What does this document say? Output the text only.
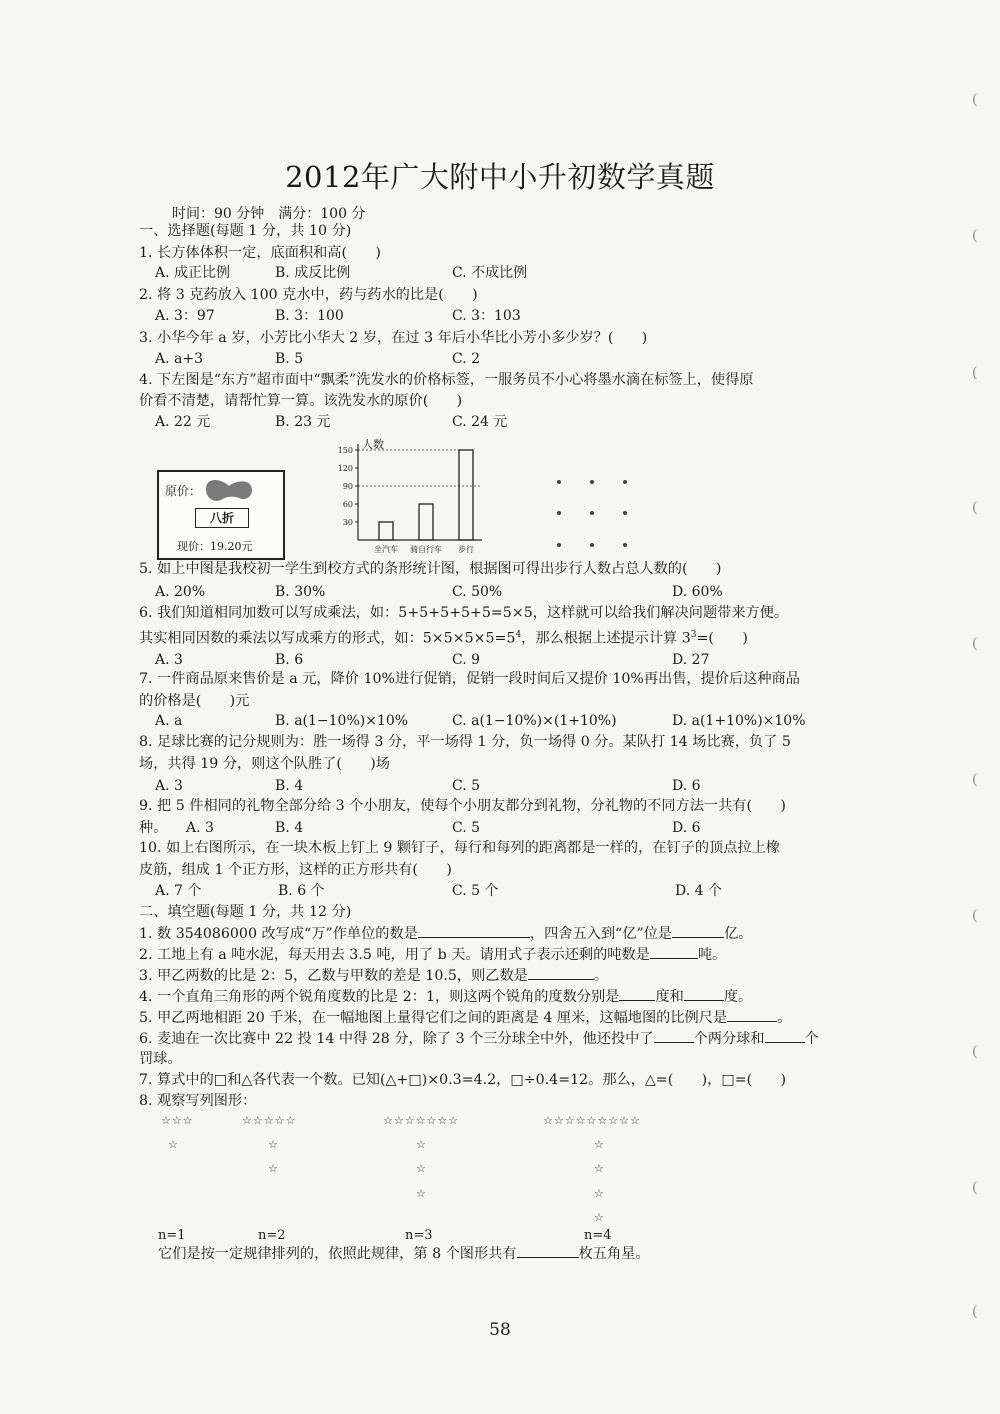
(
(
(
(
(
(
(
(
(
(
2012年广大附中小升初数学真题
时间：90 分钟　满分：100 分
一、选择题(每题 1 分，共 10 分)
1. 长方体体积一定，底面积和高(　　)
A. 成正比例	B. 成反比例	C. 不成比例
2. 将 3 克药放入 100 克水中，药与药水的比是(　　)
A. 3：97	B. 3：100	C. 3：103
3. 小华今年 a 岁，小芳比小华大 2 岁，在过 3 年后小华比小芳小多少岁？(　　)
A. a+3	B. 5	C. 2
4. 下左图是“东方”超市面中“飘柔”洗发水的价格标签，一服务员不小心将墨水滴在标签上，使得原
价看不清楚，请帮忙算一算。该洗发水的原价(　　)
A. 22 元	B. 23 元	C. 24 元
原价：
八折
现价：19.20元
人数
30
60
90
120
150
坐汽车 骑自行车 步行
5. 如上中图是我校初一学生到校方式的条形统计图，根据图可得出步行人数占总人数的(　　)
A. 20%	B. 30%	C. 50%	D. 60%
6. 我们知道相同加数可以写成乘法，如：5+5+5+5+5=5×5，这样就可以给我们解决问题带来方便。
其实相同因数的乘法以写成乘方的形式，如：$5\times 5\times 5\times 5=5^4$，那么根据上述提示计算 $3^3=$(　　)
A. 3	B. 6	C. 9	D. 27
7. 一件商品原来售价是 a 元，降价 10%进行促销，促销一段时间后又提价 10%再出售，提价后这种商品
的价格是(　　)元
A. a	B. a(1−10%)×10%	C. a(1−10%)×(1+10%)	D. a(1+10%)×10%
8. 足球比赛的记分规则为：胜一场得 3 分，平一场得 1 分，负一场得 0 分。某队打 14 场比赛，负了 5
场，共得 19 分，则这个队胜了(　　)场
A. 3	B. 4	C. 5	D. 6
9. 把 5 件相同的礼物全部分给 3 个小朋友，使每个小朋友都分到礼物，分礼物的不同方法一共有(　　)
种。 A. 3	B. 4	C. 5	D. 6
10. 如上右图所示，在一块木板上钉上 9 颗钉子，每行和每列的距离都是一样的，在钉子的顶点拉上橡
皮筋，组成 1 个正方形，这样的正方形共有(　　)
A. 7 个	B. 6 个	C. 5 个	D. 4 个
二、填空题(每题 1 分，共 12 分)
1. 数 354086000 改写成“万”作单位的数是	，四舍五入到“亿”位是	亿。
2. 工地上有 a 吨水泥，每天用去 3.5 吨，用了 b 天。请用式子表示还剩的吨数是	吨。
3. 甲乙两数的比是 2：5，乙数与甲数的差是 10.5，则乙数是	。
4. 一个直角三角形的两个锐角度数的比是 2：1，则这两个锐角的度数分别是	度和	度。
5. 甲乙两地相距 20 千米，在一幅地图上量得它们之间的距离是 4 厘米，这幅地图的比例尺是	。
6. 麦迪在一次比赛中 22 投 14 中得 28 分，除了 3 个三分球全中外，他还投中了	个两分球和	个
罚球。
7. 算式中的□和△各代表一个数。已知(△+□)×0.3=4.2，□÷0.4=12。那么，△=(　　)，□=(　　)
8. 观察写列图形：
☆☆☆
☆
☆☆☆☆☆
☆
☆
☆☆☆☆☆☆☆
☆
☆
☆
☆☆☆☆☆☆☆☆☆
☆
☆
☆
☆
n=1	n=2	n=3	n=4
它们是按一定规律排列的，依照此规律，第 8 个图形共有	枚五角星。
58
